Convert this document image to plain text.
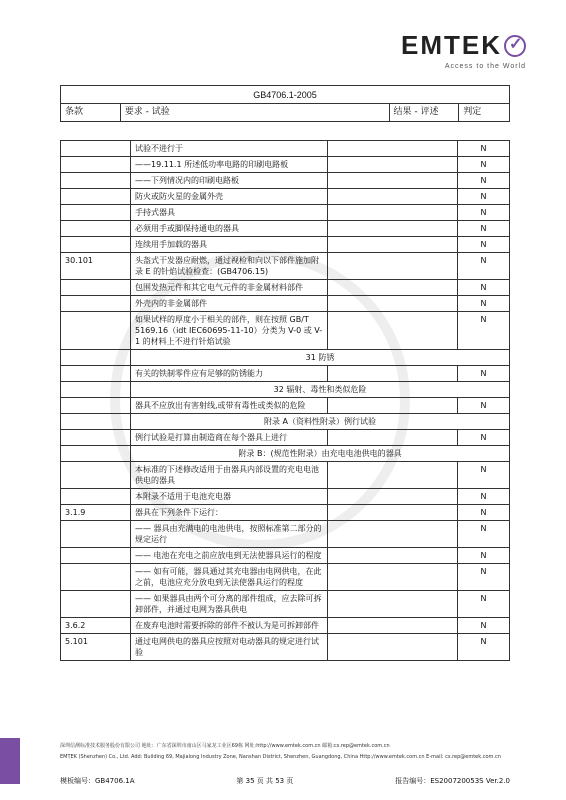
EMTEK
✓
Access to the World
GB4706.1-2005
条款	要求 - 试验	结果 - 评述	判定
	试验不进行于		N
	——19.11.1 所述低功率电路的印刷电路板		N
	——下列情况内的印刷电路板		N
	防火或防火星的金属外壳		N
	手持式器具		N
	必须用手或脚保持通电的器具		N
	连续用手加载的器具		N
30.101	头盔式干发器应耐燃，通过视检和向以下部件施加附录 E 的针焰试验检查：(GB4706.15)		N
	包围发热元件和其它电气元件的非金属材料部件		N
	外壳内的非金属部件		N
	如果试样的厚度小于相关的部件，则在按照 GB/T 5169.16（idt IEC60695-11-10）分类为 V-0 或 V-1 的材料上不进行针焰试验		N
	31 防锈		
	有关的铁制零件应有足够的防锈能力		N
	32 辐射、毒性和类似危险		
	器具不应放出有害射线,或带有毒性或类似的危险		N
	附录 A（资料性附录）例行试验		
	例行试验是打算由制造商在每个器具上进行		N
	附录 B：(规范性附录）由充电电池供电的器具		
	本标准的下述修改适用于由器具内部设置的充电电池供电的器具		N
	本附录不适用于电池充电器		N
3.1.9	器具在下列条件下运行：		N
	—— 器具由充满电的电池供电，按照标准第二部分的规定运行		N
	—— 电池在充电之前应放电到无法使器具运行的程度		N
	—— 如有可能，器具通过其充电器由电网供电，在此之前，电池应充分放电到无法使器具运行的程度		N
	—— 如果器具由两个可分离的部件组成，应去除可拆卸部件，并通过电网为器具供电		N
3.6.2	在废弃电池时需要拆除的部件不被认为是可拆卸部件		N
5.101	通过电网供电的器具应按照对电动器具的规定进行试验		N
深圳信测标准技术服务股份有限公司 地址：广东省深圳市南山区马家龙工业区69栋 网址:http://www.emtek.com.cn 邮箱:cs.rep@emtek.com.cn
EMTEK (Shenzhen) Co., Ltd. Add: Building 69, Majialong Industry Zone, Nanshan District, Shenzhen, Guangdong, China Http://www.emtek.com.cn E-mail: cs.rep@emtek.com.cn
模板编号：GB4706.1A	第 35 页 共 53 页	报告编号：ES200720053S Ver.2.0
